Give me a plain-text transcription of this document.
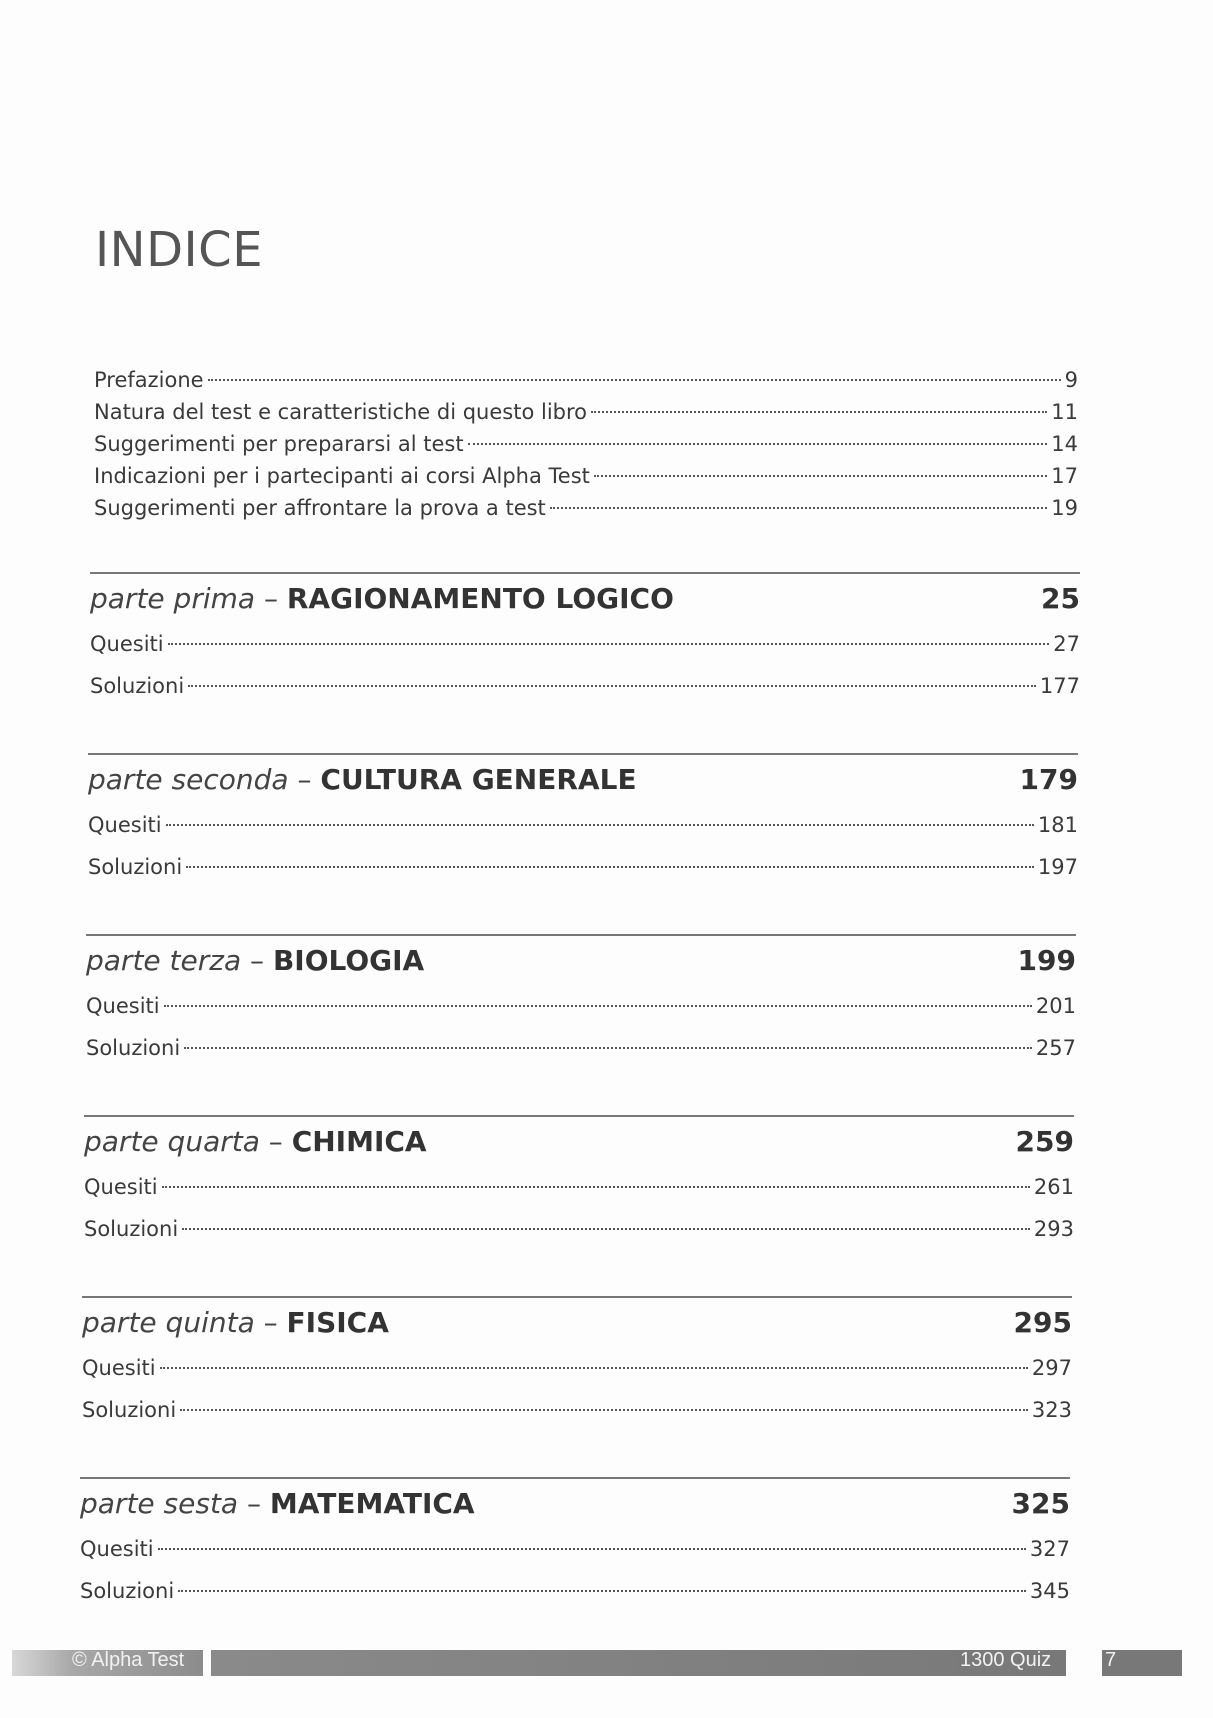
INDICE
Prefazione	9
Natura del test e caratteristiche di questo libro	11
Suggerimenti per prepararsi al test	14
Indicazioni per i partecipanti ai corsi Alpha Test	17
Suggerimenti per affrontare la prova a test	19
parte prima – RAGIONAMENTO LOGICO	25
Quesiti	27
Soluzioni	177
parte seconda – CULTURA GENERALE	179
Quesiti	181
Soluzioni	197
parte terza – BIOLOGIA	199
Quesiti	201
Soluzioni	257
parte quarta – CHIMICA	259
Quesiti	261
Soluzioni	293
parte quinta – FISICA	295
Quesiti	297
Soluzioni	323
parte sesta – MATEMATICA	325
Quesiti	327
Soluzioni	345
© Alpha Test	1300 Quiz	7
